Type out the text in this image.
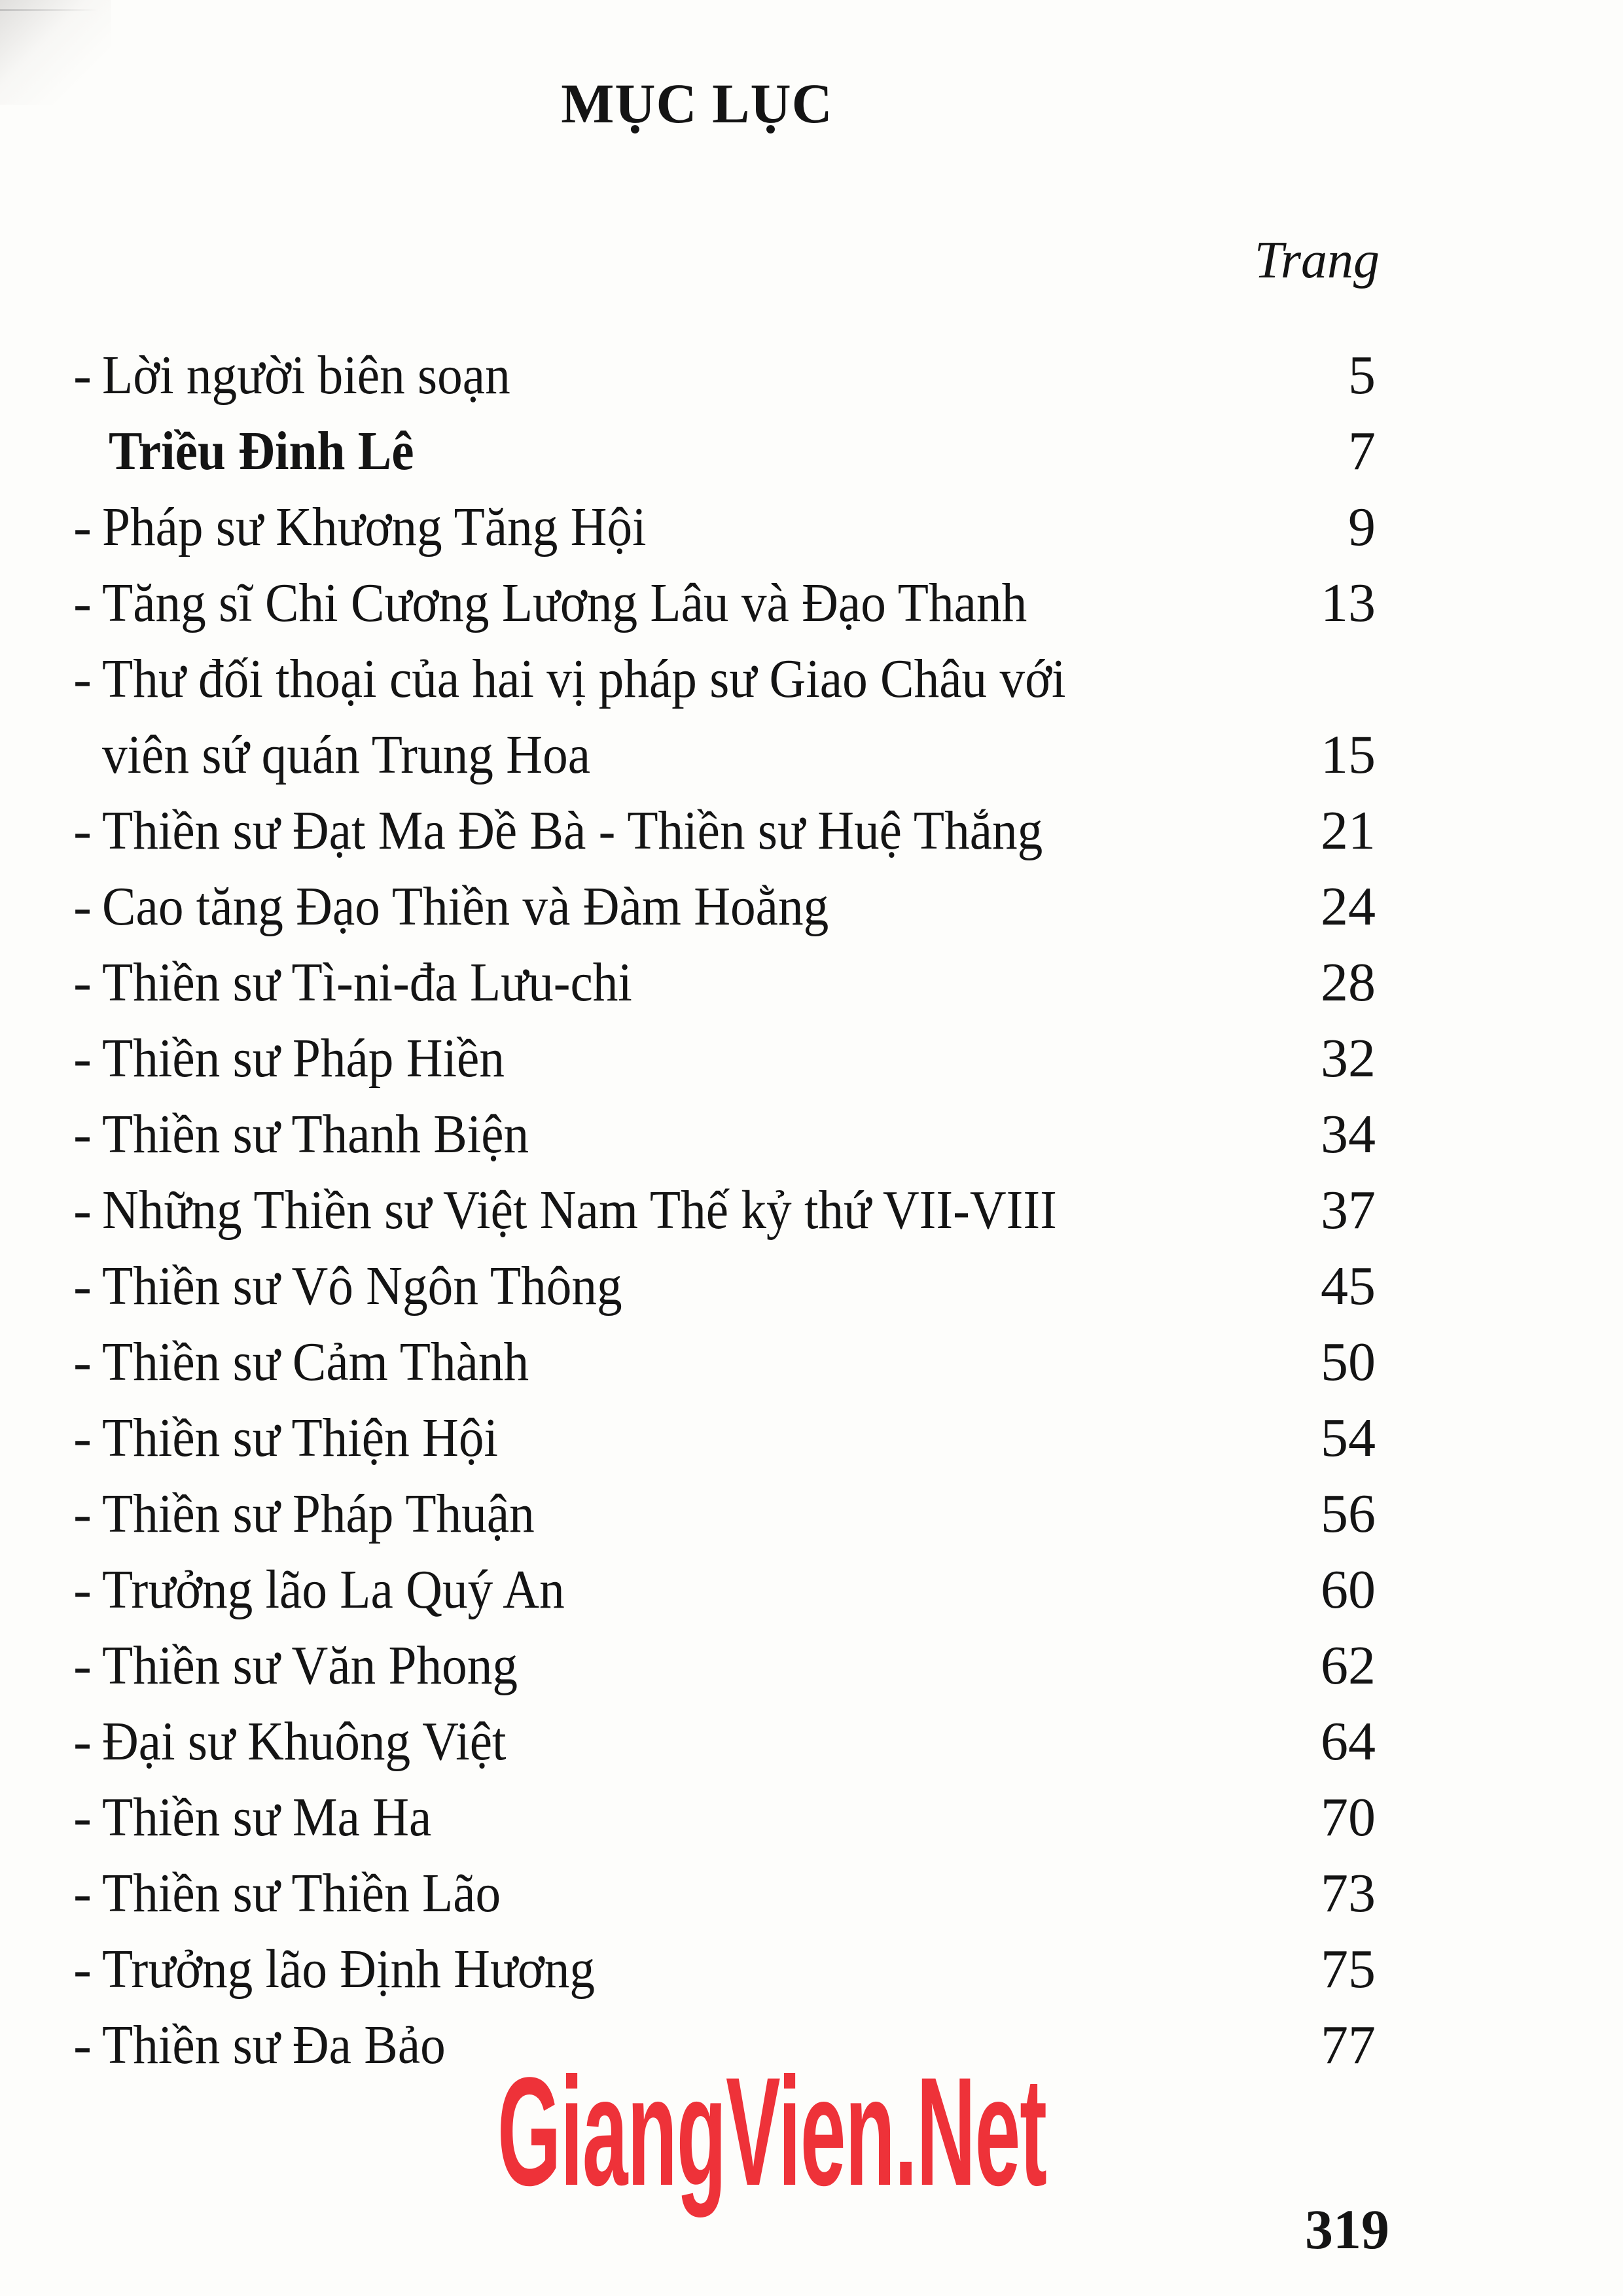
MỤC LỤC
Trang
- Lời người biên soạn	5
Triều Đinh Lê	7
- Pháp sư Khương Tăng Hội	9
- Tăng sĩ Chi Cương Lương Lâu và Đạo Thanh	13
- Thư đối thoại của hai vị pháp sư Giao Châu với
viên sứ quán Trung Hoa	15
- Thiền sư Đạt Ma Đề Bà - Thiền sư Huệ Thắng	21
- Cao tăng Đạo Thiền và Đàm Hoằng	24
- Thiền sư Tì-ni-đa Lưu-chi	28
- Thiền sư Pháp Hiền	32
- Thiền sư Thanh Biện	34
- Những Thiền sư Việt Nam Thế kỷ thứ VII-VIII	37
- Thiền sư Vô Ngôn Thông	45
- Thiền sư Cảm Thành	50
- Thiền sư Thiện Hội	54
- Thiền sư Pháp Thuận	56
- Trưởng lão La Quý An	60
- Thiền sư Văn Phong	62
- Đại sư Khuông Việt	64
- Thiền sư Ma Ha	70
- Thiền sư Thiền Lão	73
- Trưởng lão Định Hương	75
- Thiền sư Đa Bảo	77
GiangVien.Net
319
